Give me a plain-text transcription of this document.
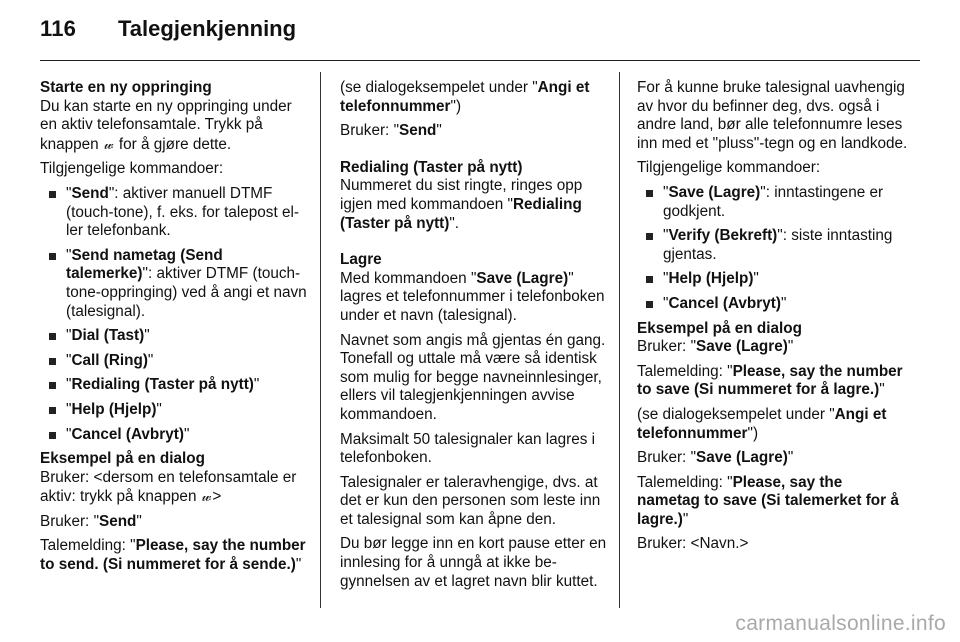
116 Talegjenkjenning

Starte en ny oppringing

Du kan starte en ny oppringing under en aktiv telefonsamtale. Trykk på knappen 𝓌 for å gjøre dette.

Tilgjengelige kommandoer:

"Send": aktiver manuell DTMF (touch-tone), f. eks. for talepost eller telefonbank.
"Send nametag (Send talemerke)": aktiver DTMF (touch-tone-oppringing) ved å angi et navn (talesignal).
"Dial (Tast)"
"Call (Ring)"
"Redialing (Taster på nytt)"
"Help (Hjelp)"
"Cancel (Avbryt)"

Eksempel på en dialog

Bruker: <dersom en telefonsamtale er aktiv: trykk på knappen 𝓌>

Bruker: "Send"

Talemelding: "Please, say the number to send. (Si nummeret for å sende.)"

(se dialogeksempelet under "Angi et telefonnummer")

Bruker: "Send"

Redialing (Taster på nytt)

Nummeret du sist ringte, ringes opp igjen med kommandoen "Redialing (Taster på nytt)".

Lagre

Med kommandoen "Save (Lagre)" lagres et telefonnummer i telefonboken under et navn (talesignal).

Navnet som angis må gjentas én gang. Tonefall og uttale må være så identisk som mulig for begge navneinnlesinger, ellers vil talegjenkjenningen avvise kommandoen.

Maksimalt 50 talesignaler kan lagres i telefonboken.

Talesignaler er taleravhengige, dvs. at det er kun den personen som leste inn et talesignal som kan åpne den.

Du bør legge inn en kort pause etter en innlesing for å unngå at ikke begynnelsen av et lagret navn blir kuttet.

For å kunne bruke talesignal uavhengig av hvor du befinner deg, dvs. også i andre land, bør alle telefonnumre leses inn med et "pluss"-tegn og en landkode.

Tilgjengelige kommandoer:

"Save (Lagre)": inntastingene er godkjent.
"Verify (Bekreft)": siste inntasting gjentas.
"Help (Hjelp)"
"Cancel (Avbryt)"

Eksempel på en dialog

Bruker: "Save (Lagre)"

Talemelding: "Please, say the number to save (Si nummeret for å lagre.)"

(se dialogeksempelet under "Angi et telefonnummer")

Bruker: "Save (Lagre)"

Talemelding: "Please, say the nametag to save (Si talemerket for å lagre.)"

Bruker: <Navn.>

carmanualsonline.info
